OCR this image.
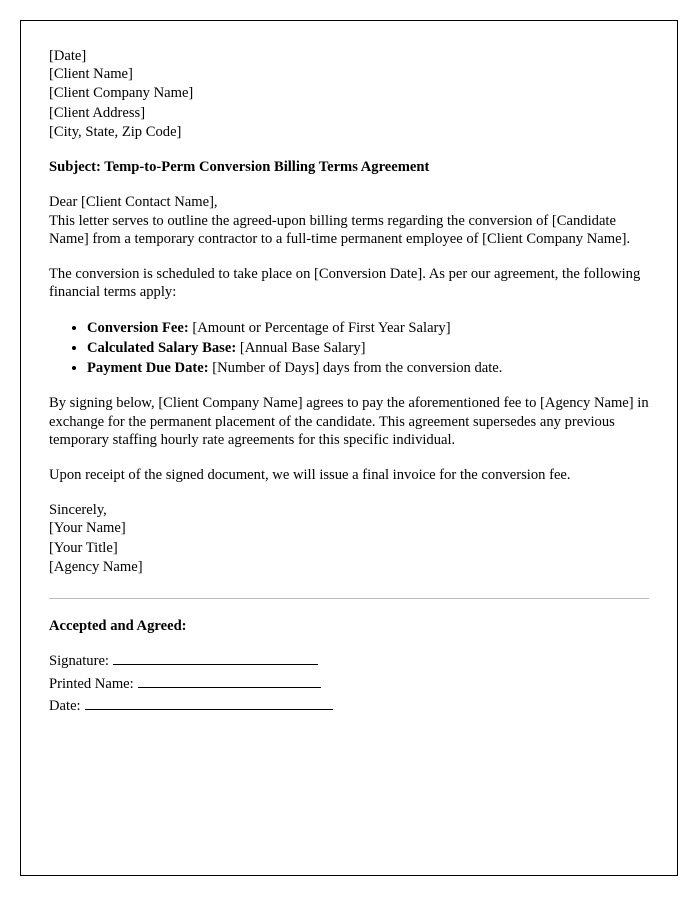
[Date]

[Client Name]

[Client Company Name]

[Client Address]

[City, State, Zip Code]

Subject: Temp-to-Perm Conversion Billing Terms Agreement

Dear [Client Contact Name],

This letter serves to outline the agreed-upon billing terms regarding the conversion of [Candidate Name] from a temporary contractor to a full-time permanent employee of [Client Company Name].

The conversion is scheduled to take place on [Conversion Date]. As per our agreement, the following financial terms apply:

• Conversion Fee: [Amount or Percentage of First Year Salary]
• Calculated Salary Base: [Annual Base Salary]
• Payment Due Date: [Number of Days] days from the conversion date.

By signing below, [Client Company Name] agrees to pay the aforementioned fee to [Agency Name] in exchange for the permanent placement of the candidate. This agreement supersedes any previous temporary staffing hourly rate agreements for this specific individual.

Upon receipt of the signed document, we will issue a final invoice for the conversion fee.

Sincerely,

[Your Name]

[Your Title]

[Agency Name]

Accepted and Agreed:

Signature:

Printed Name:

Date:
